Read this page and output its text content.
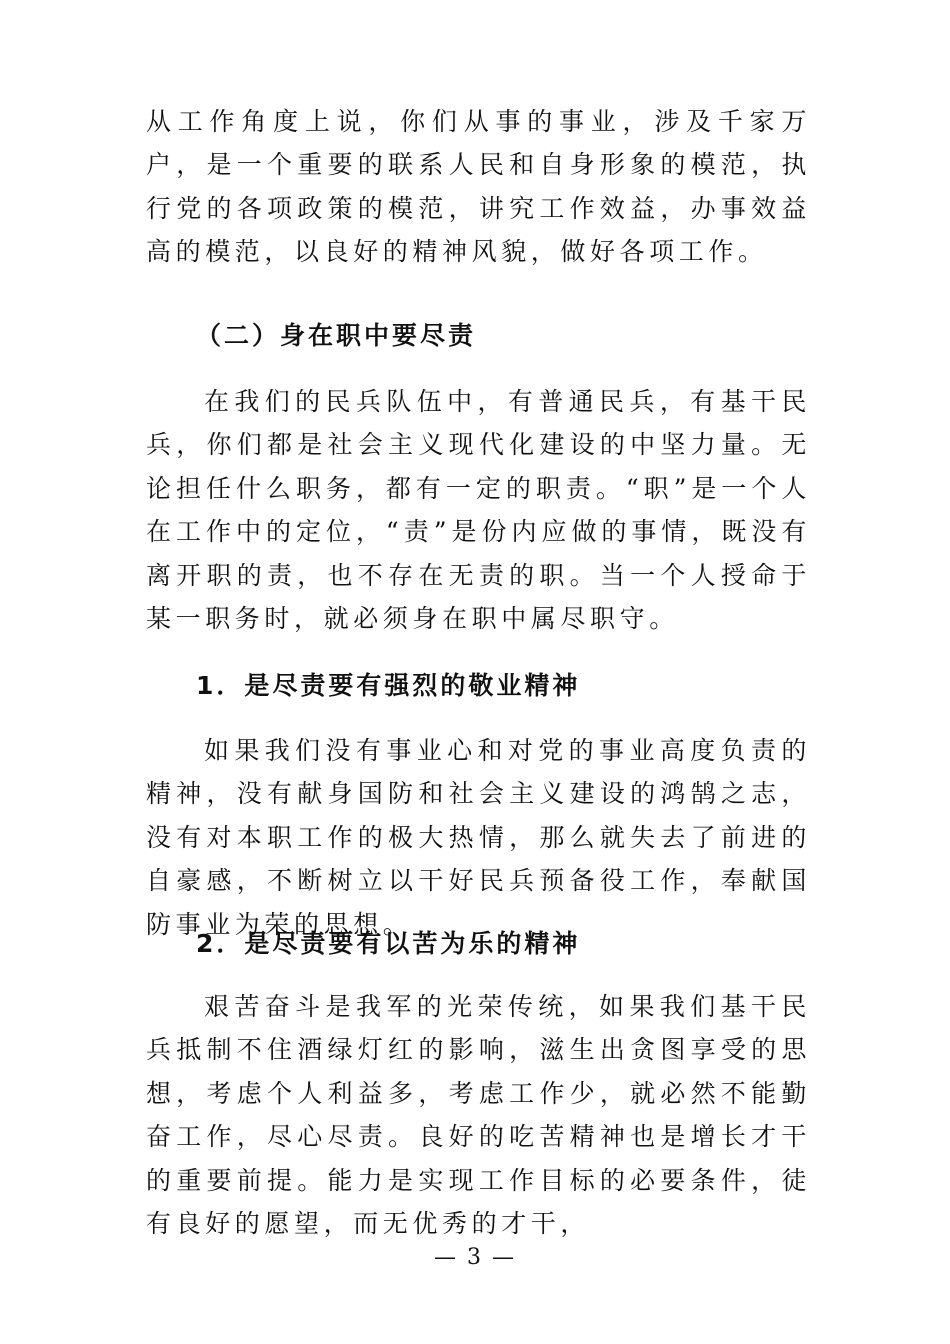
从工作角度上说，你们从事的事业，涉及千家万户，是一个重要的联系人民和自身形象的模范，执行党的各项政策的模范，讲究工作效益，办事效益高的模范，以良好的精神风貌，做好各项工作。

（二）身在职中要尽责

在我们的民兵队伍中，有普通民兵，有基干民兵，你们都是社会主义现代化建设的中坚力量。无论担任什么职务，都有一定的职责。“职”是一个人在工作中的定位，“责”是份内应做的事情，既没有离开职的责，也不存在无责的职。当一个人授命于某一职务时，就必须身在职中属尽职守。

1．是尽责要有强烈的敬业精神

如果我们没有事业心和对党的事业高度负责的精神，没有献身国防和社会主义建设的鸿鹄之志，没有对本职工作的极大热情，那么就失去了前进的自豪感，不断树立以干好民兵预备役工作，奉献国防事业为荣的思想。

2．是尽责要有以苦为乐的精神

艰苦奋斗是我军的光荣传统，如果我们基干民兵抵制不住酒绿灯红的影响，滋生出贪图享受的思想，考虑个人利益多，考虑工作少，就必然不能勤奋工作，尽心尽责。良好的吃苦精神也是增长才干的重要前提。能力是实现工作目标的必要条件，徒有良好的愿望，而无优秀的才干，

— 3 —
